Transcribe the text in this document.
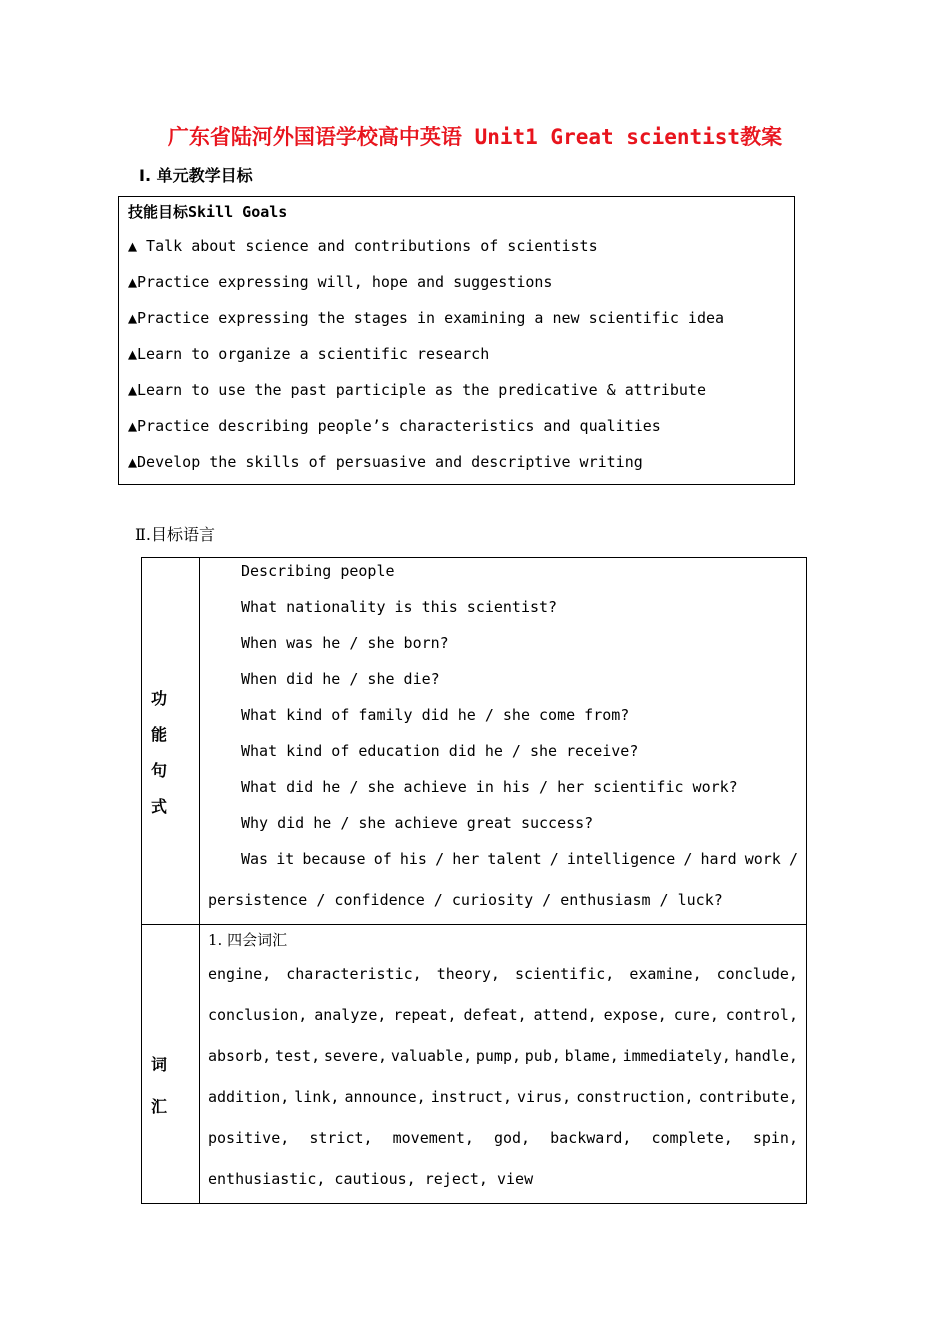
广东省陆河外国语学校高中英语 Unit1 Great scientist教案
Ⅰ. 单元教学目标
技能目标Skill Goals
▲ Talk about science and contributions of scientists
▲Practice expressing will, hope and suggestions
▲Practice expressing the stages in examining a new scientific idea
▲Learn to organize a scientific research
▲Learn to use the past participle as the predicative & attribute
▲Practice describing people’s characteristics and qualities
▲Develop the skills of persuasive and descriptive writing
Ⅱ.目标语言
功
能
句
式
Describing people
What nationality is this scientist?
When was he / she born?
When did he / she die?
What kind of family did he / she come from?
What kind of education did he / she receive?
What did he / she achieve in his / her scientific work?
Why did he / she achieve great success?
Was it because of his / her talent / intelligence / hard work /
persistence / confidence / curiosity / enthusiasm / luck?
词
汇
1. 四会词汇
engine, characteristic, theory, scientific, examine, conclude,
conclusion, analyze, repeat, defeat, attend, expose, cure, control,
absorb, test, severe, valuable, pump, pub, blame, immediately, handle,
addition, link, announce, instruct, virus, construction, contribute,
positive, strict, movement, god, backward, complete, spin,
enthusiastic, cautious, reject, view
